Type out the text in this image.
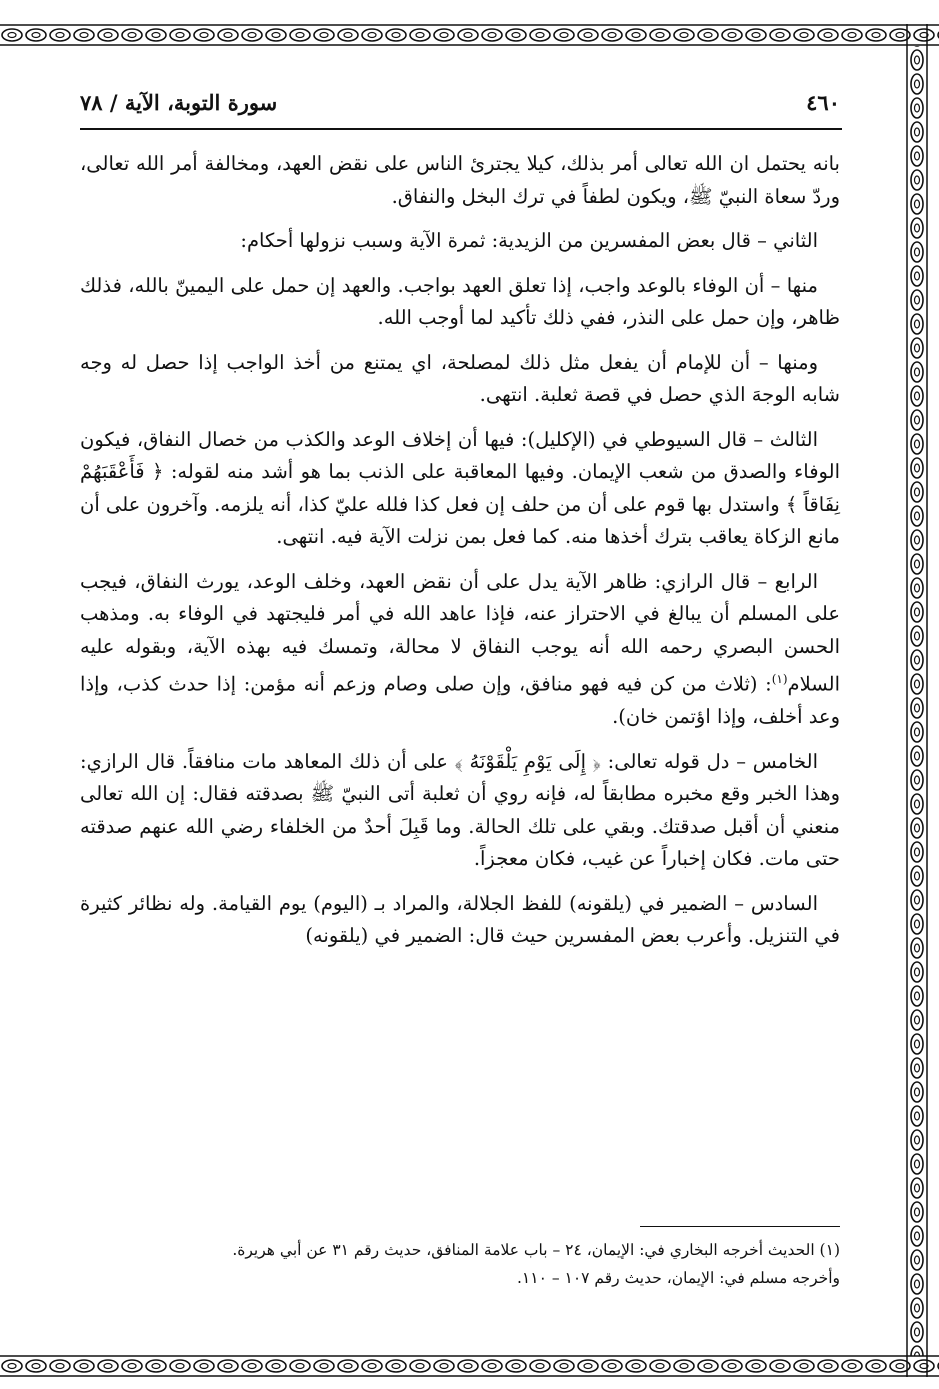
سورة التوبة، الآية / ٧٨	٤٦٠

بانه يحتمل ان الله تعالى أمر بذلك، كيلا يجترئ الناس على نقض العهد، ومخالفة أمر الله تعالى، وردّ سعاة النبيّ ﷺ، ويكون لطفاً في ترك البخل والنفاق.

الثاني – قال بعض المفسرين من الزيدية: ثمرة الآية وسبب نزولها أحكام:

منها – أن الوفاء بالوعد واجب، إذا تعلق العهد بواجب. والعهد إن حمل على اليمينّ بالله، فذلك ظاهر، وإن حمل على النذر، ففي ذلك تأكيد لما أوجب الله.

ومنها – أن للإمام أن يفعل مثل ذلك لمصلحة، اي يمتنع من أخذ الواجب إذا حصل له وجه شابه الوجهَ الذي حصل في قصة ثعلبة. انتهى.

الثالث – قال السيوطي في (الإكليل): فيها أن إخلاف الوعد والكذب من خصال النفاق، فيكون الوفاء والصدق من شعب الإيمان. وفيها المعاقبة على الذنب بما هو أشد منه لقوله: ﴿ فَأَعْقَبَهُمْ نِفَاقاً ﴾ واستدل بها قوم على أن من حلف إن فعل كذا فلله عليّ كذا، أنه يلزمه. وآخرون على أن مانع الزكاة يعاقب بترك أخذها منه. كما فعل بمن نزلت الآية فيه. انتهى.

الرابع – قال الرازي: ظاهر الآية يدل على أن نقض العهد، وخلف الوعد، يورث النفاق، فيجب على المسلم أن يبالغ في الاحتراز عنه، فإذا عاهد الله في أمر فليجتهد في الوفاء به. ومذهب الحسن البصري رحمه الله أنه يوجب النفاق لا محالة، وتمسك فيه بهذه الآية، وبقوله عليه السلام$^{(١)}$: (ثلاث من كن فيه فهو منافق، وإن صلى وصام وزعم أنه مؤمن: إذا حدث كذب، وإذا وعد أخلف، وإذا اؤتمن خان).

الخامس – دل قوله تعالى: ﴿ إِلَى يَوْمِ يَلْقَوْنَهُ ﴾ على أن ذلك المعاهد مات منافقاً. قال الرازي: وهذا الخبر وقع مخبره مطابقاً له، فإنه روي أن ثعلبة أتى النبيّ ﷺ بصدقته فقال: إن الله تعالى منعني أن أقبل صدقتك. وبقي على تلك الحالة. وما قَبِلَ أحدٌ من الخلفاء رضي الله عنهم صدقته حتى مات. فكان إخباراً عن غيب، فكان معجزاً.

السادس – الضمير في (يلقونه) للفظ الجلالة، والمراد بـ (اليوم) يوم القيامة. وله نظائر كثيرة في التنزيل. وأعرب بعض المفسرين حيث قال: الضمير في (يلقونه)

(١) الحديث أخرجه البخاري في: الإيمان، ٢٤ – باب علامة المنافق، حديث رقم ٣١ عن أبي هريرة.

وأخرجه مسلم في: الإيمان، حديث رقم ١٠٧ – ١١٠.
